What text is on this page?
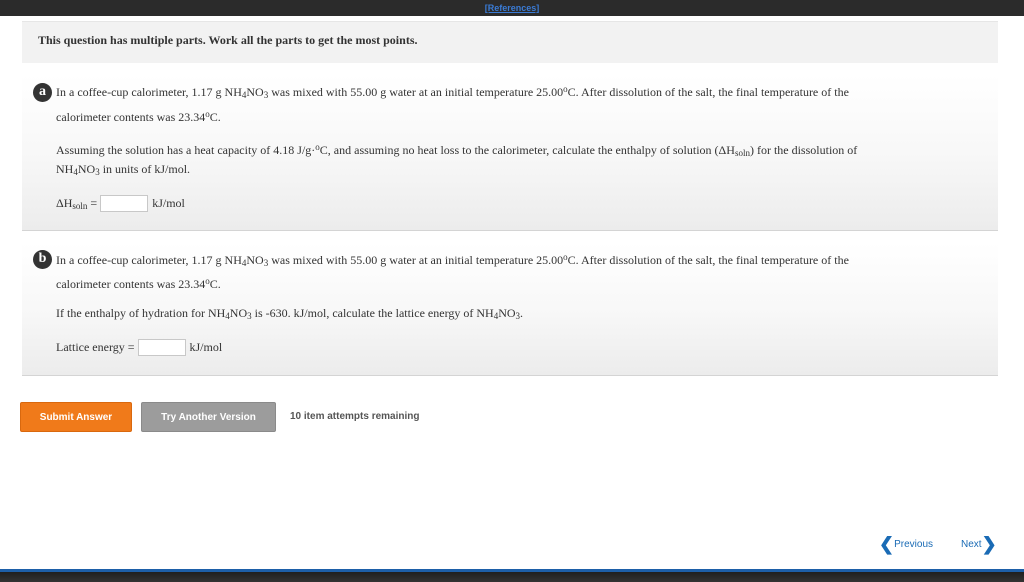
[References]

This question has multiple parts. Work all the parts to get the most points.

a In a coffee-cup calorimeter, 1.17 g $NH_4NO_3$ was mixed with 55.00 g water at an initial temperature 25.00$^o$C. After dissolution of the salt, the final temperature of the
calorimeter contents was 23.34$^o$C.
Assuming the solution has a heat capacity of 4.18 J/g·$^o$C, and assuming no heat loss to the calorimeter, calculate the enthalpy of solution $(\Delta H_{soln})$ for the dissolution of
$NH_4NO_3$ in units of kJ/mol.
$\Delta H_{soln}$ =	kJ/mol
b In a coffee-cup calorimeter, 1.17 g $NH_4NO_3$ was mixed with 55.00 g water at an initial temperature 25.00$^o$C. After dissolution of the salt, the final temperature of the
calorimeter contents was 23.34$^o$C.
If the enthalpy of hydration for $NH_4NO_3$ is -630. kJ/mol, calculate the lattice energy of $NH_4NO_3$.
Lattice energy =	kJ/mol
Submit Answer	Try Another Version	10 item attempts remaining
❮ Previous	Next ❯
